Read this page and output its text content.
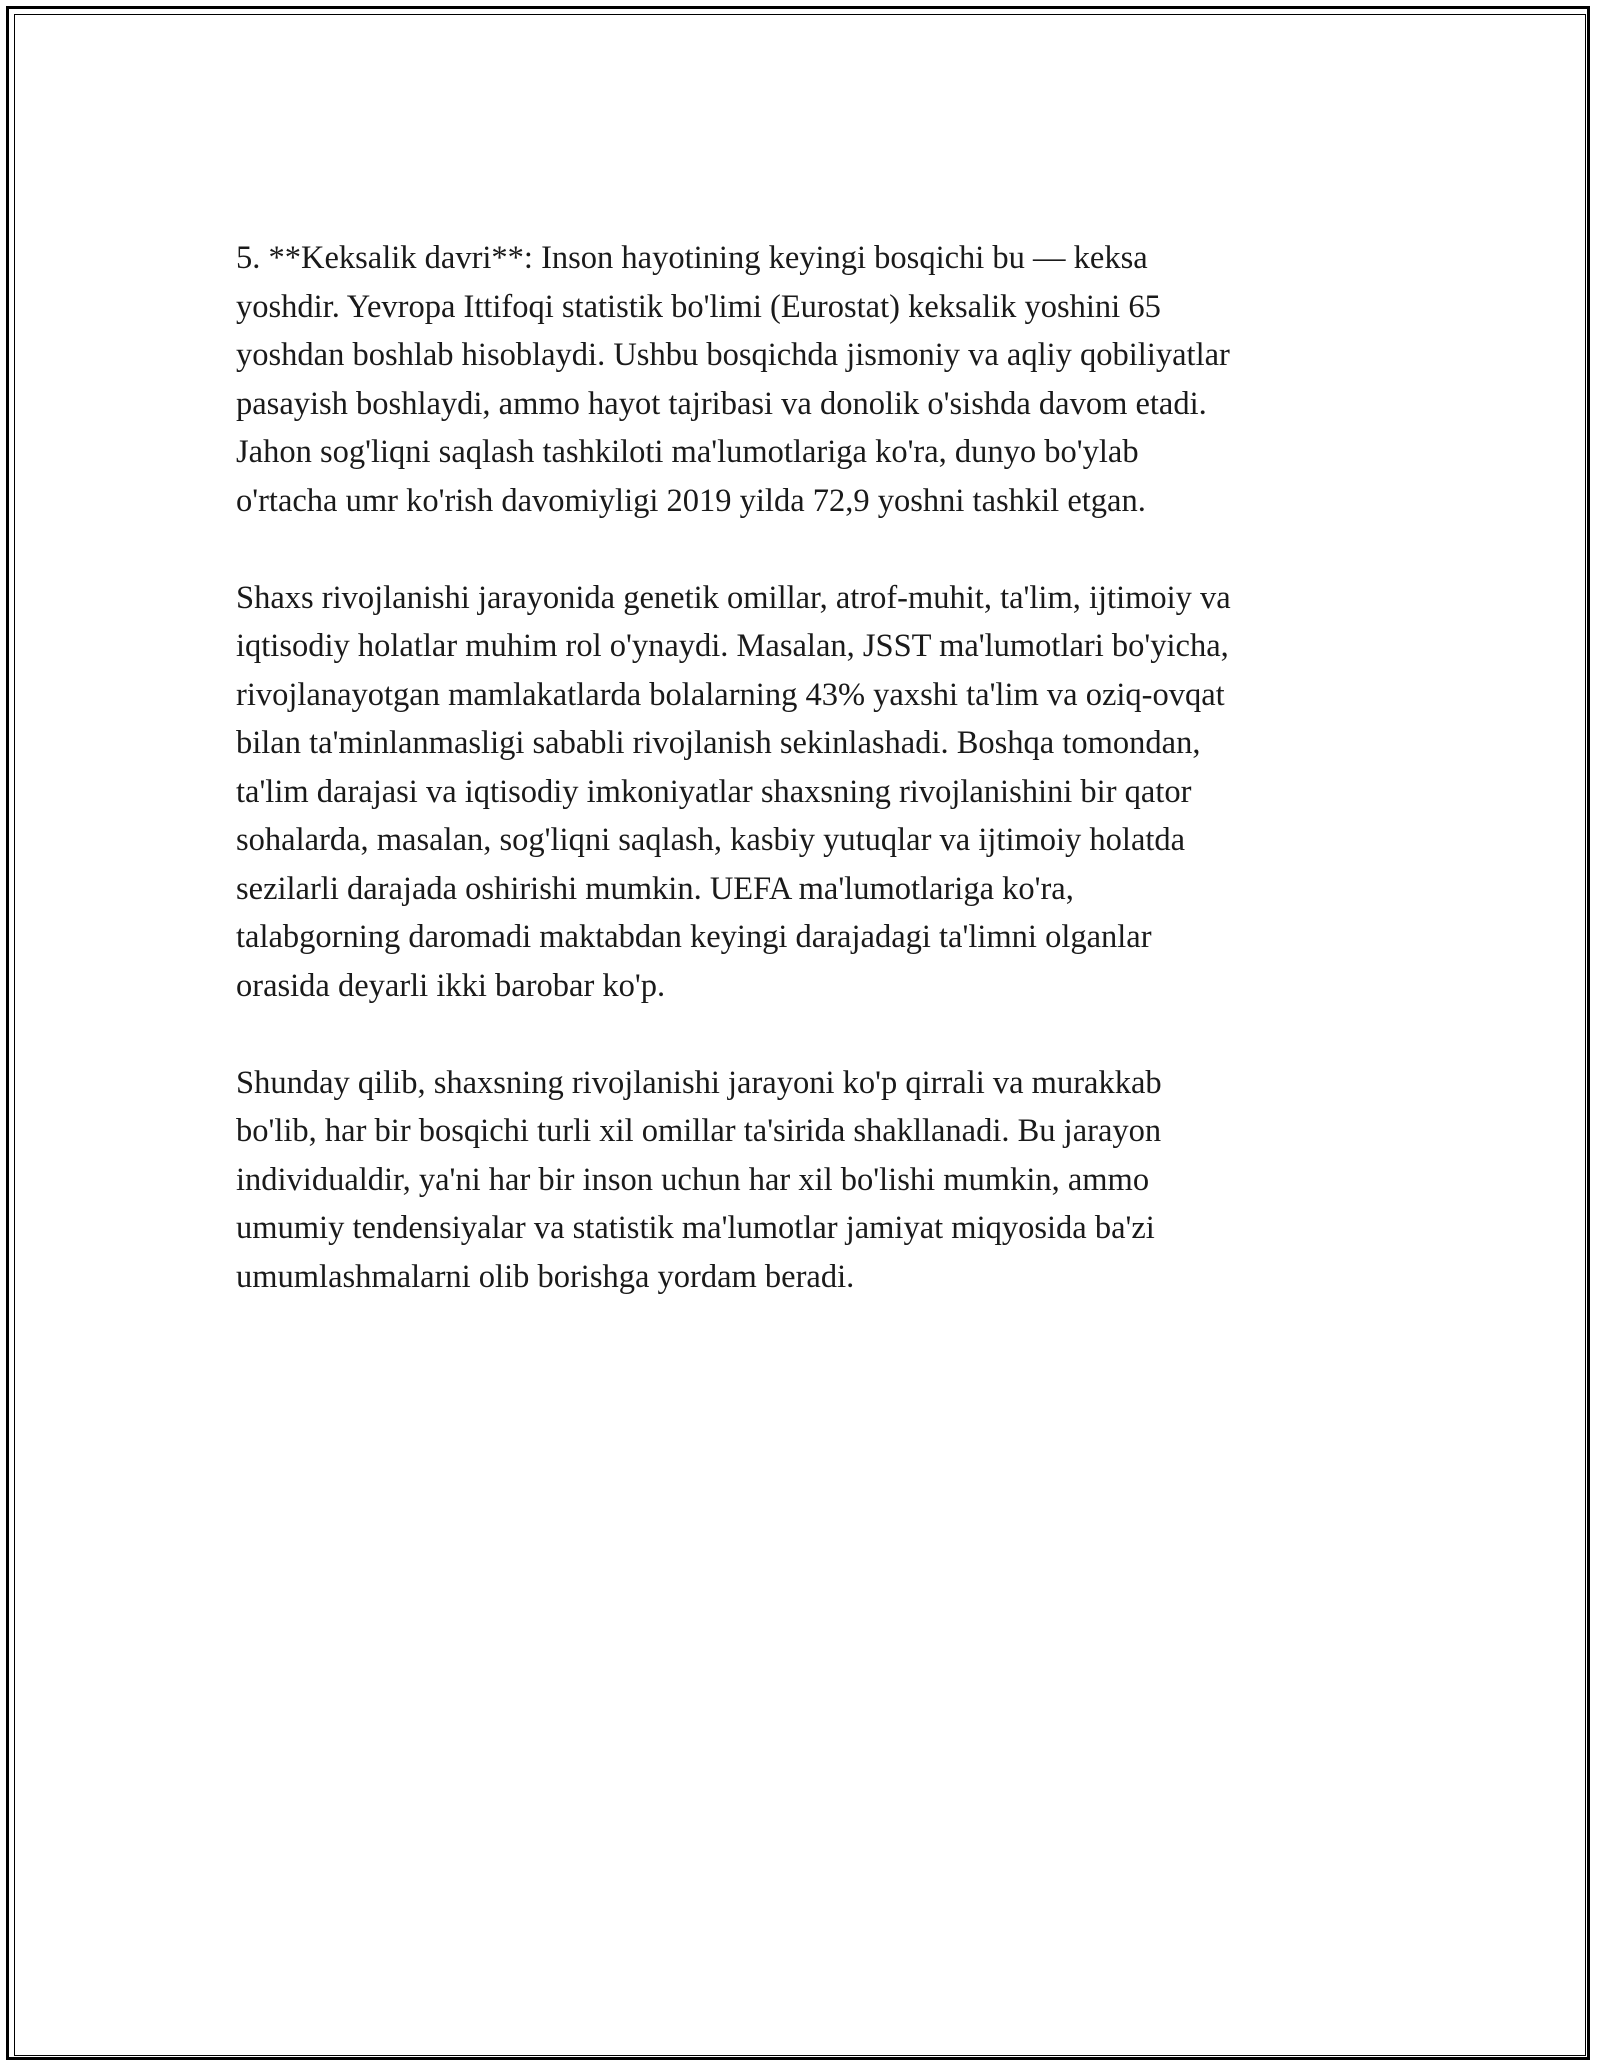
5. **Keksalik davri**: Inson hayotining keyingi bosqichi bu — keksa
yoshdir. Yevropa Ittifoqi statistik bo'limi (Eurostat) keksalik yoshini 65
yoshdan boshlab hisoblaydi. Ushbu bosqichda jismoniy va aqliy qobiliyatlar
pasayish boshlaydi, ammo hayot tajribasi va donolik o'sishda davom etadi.
Jahon sog'liqni saqlash tashkiloti ma'lumotlariga ko'ra, dunyo bo'ylab
o'rtacha umr ko'rish davomiyligi 2019 yilda 72,9 yoshni tashkil etgan.

Shaxs rivojlanishi jarayonida genetik omillar, atrof-muhit, ta'lim, ijtimoiy va
iqtisodiy holatlar muhim rol o'ynaydi. Masalan, JSST ma'lumotlari bo'yicha,
rivojlanayotgan mamlakatlarda bolalarning 43% yaxshi ta'lim va oziq-ovqat
bilan ta'minlanmasligi sababli rivojlanish sekinlashadi. Boshqa tomondan,
ta'lim darajasi va iqtisodiy imkoniyatlar shaxsning rivojlanishini bir qator
sohalarda, masalan, sog'liqni saqlash, kasbiy yutuqlar va ijtimoiy holatda
sezilarli darajada oshirishi mumkin. UEFA ma'lumotlariga ko'ra,
talabgorning daromadi maktabdan keyingi darajadagi ta'limni olganlar
orasida deyarli ikki barobar ko'p.

Shunday qilib, shaxsning rivojlanishi jarayoni ko'p qirrali va murakkab
bo'lib, har bir bosqichi turli xil omillar ta'sirida shakllanadi. Bu jarayon
individualdir, ya'ni har bir inson uchun har xil bo'lishi mumkin, ammo
umumiy tendensiyalar va statistik ma'lumotlar jamiyat miqyosida ba'zi
umumlashmalarni olib borishga yordam beradi.
